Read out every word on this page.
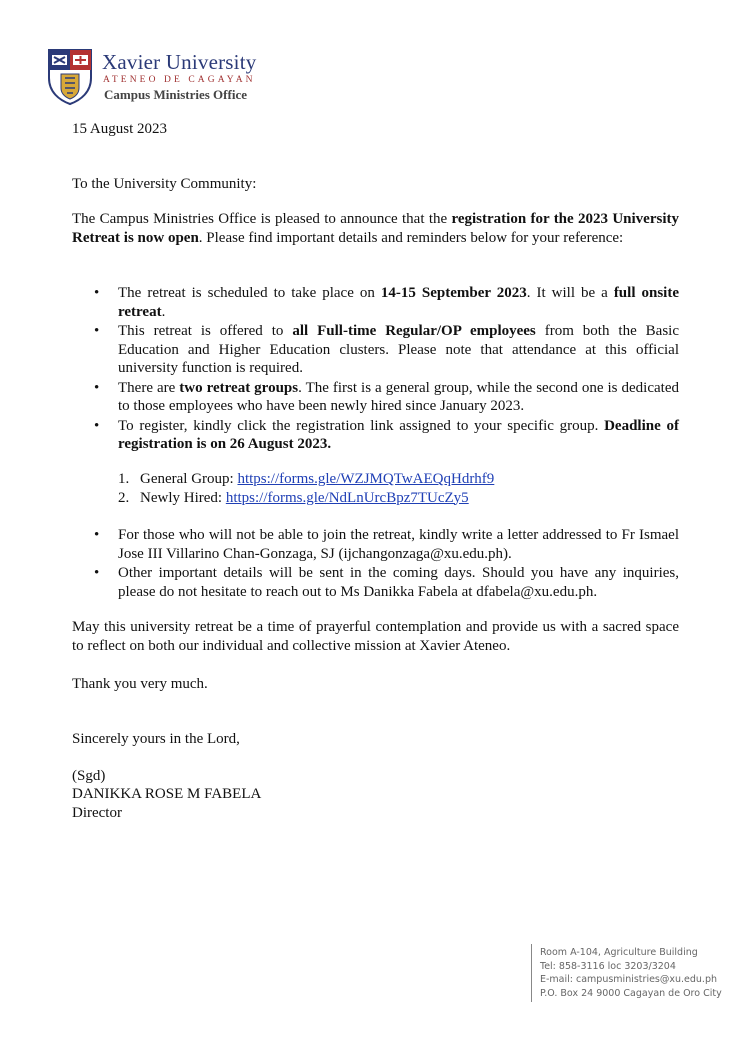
Xavier University
ATENEO DE CAGAYAN
Campus Ministries Office
15 August 2023
To the University Community:
The Campus Ministries Office is pleased to announce that the registration for the 2023 University Retreat is now open. Please find important details and reminders below for your reference:
• The retreat is scheduled to take place on 14-15 September 2023. It will be a full onsite retreat.
• This retreat is offered to all Full-time Regular/OP employees from both the Basic Education and Higher Education clusters. Please note that attendance at this official university function is required.
• There are two retreat groups. The first is a general group, while the second one is dedicated to those employees who have been newly hired since January 2023.
• To register, kindly click the registration link assigned to your specific group. Deadline of registration is on 26 August 2023.
1. General Group: https://forms.gle/WZJMQTwAEQqHdrhf9
2. Newly Hired: https://forms.gle/NdLnUrcBpz7TUcZy5
• For those who will not be able to join the retreat, kindly write a letter addressed to Fr Ismael Jose III Villarino Chan-Gonzaga, SJ (ijchangonzaga@xu.edu.ph).
• Other important details will be sent in the coming days. Should you have any inquiries, please do not hesitate to reach out to Ms Danikka Fabela at dfabela@xu.edu.ph.
May this university retreat be a time of prayerful contemplation and provide us with a sacred space to reflect on both our individual and collective mission at Xavier Ateneo.
Thank you very much.
Sincerely yours in the Lord,
(Sgd)
DANIKKA ROSE M FABELA
Director
Room A-104, Agriculture Building
Tel: 858-3116 loc 3203/3204
E-mail: campusministries@xu.edu.ph
P.O. Box 24 9000 Cagayan de Oro City
